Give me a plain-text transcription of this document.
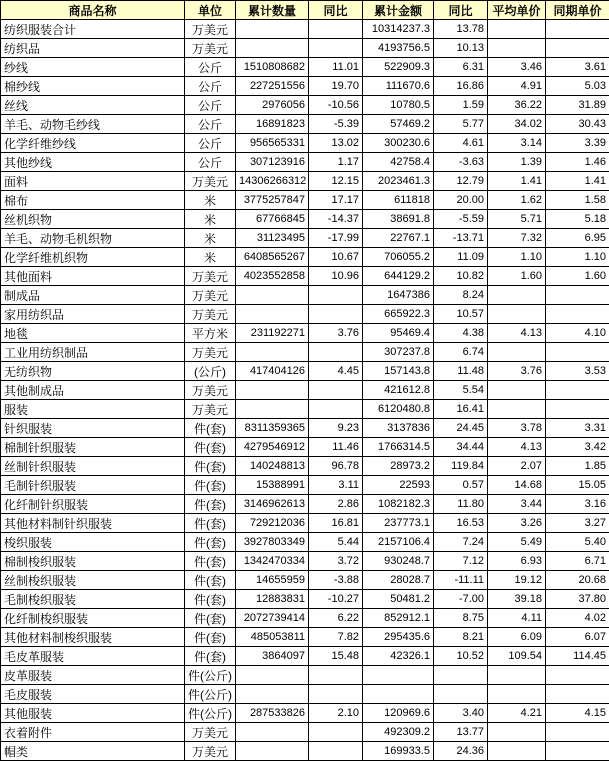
商品名称	单位	累计数量	同比	累计金额	同比	平均单价	同期单价
纺织服装合计	万美元			10314237.3	13.78		
纺织品	万美元			4193756.5	10.13		
纱线	公斤	1510808682	11.01	522909.3	6.31	3.46	3.61
棉纱线	公斤	227251556	19.70	111670.6	16.86	4.91	5.03
丝线	公斤	2976056	-10.56	10780.5	1.59	36.22	31.89
羊毛、动物毛纱线	公斤	16891823	-5.39	57469.2	5.77	34.02	30.43
化学纤维纱线	公斤	956565331	13.02	300230.6	4.61	3.14	3.39
其他纱线	公斤	307123916	1.17	42758.4	-3.63	1.39	1.46
面料	万美元	14306266312	12.15	2023461.3	12.79	1.41	1.41
棉布	米	3775257847	17.17	611818	20.00	1.62	1.58
丝机织物	米	67766845	-14.37	38691.8	-5.59	5.71	5.18
羊毛、动物毛机织物	米	31123495	-17.99	22767.1	-13.71	7.32	6.95
化学纤维机织物	米	6408565267	10.67	706055.2	11.09	1.10	1.10
其他面料	万美元	4023552858	10.96	644129.2	10.82	1.60	1.60
制成品	万美元			1647386	8.24		
家用纺织品	万美元			665922.3	10.57		
地毯	平方米	231192271	3.76	95469.4	4.38	4.13	4.10
工业用纺织制品	万美元			307237.8	6.74		
无纺织物	(公斤)	417404126	4.45	157143.8	11.48	3.76	3.53
其他制成品	万美元			421612.8	5.54		
服装	万美元			6120480.8	16.41		
针织服装	件(套)	8311359365	9.23	3137836	24.45	3.78	3.31
棉制针织服装	件(套)	4279546912	11.46	1766314.5	34.44	4.13	3.42
丝制针织服装	件(套)	140248813	96.78	28973.2	119.84	2.07	1.85
毛制针织服装	件(套)	15388991	3.11	22593	0.57	14.68	15.05
化纤制针织服装	件(套)	3146962613	2.86	1082182.3	11.80	3.44	3.16
其他材料制针织服装	件(套)	729212036	16.81	237773.1	16.53	3.26	3.27
梭织服装	件(套)	3927803349	5.44	2157106.4	7.24	5.49	5.40
棉制梭织服装	件(套)	1342470334	3.72	930248.7	7.12	6.93	6.71
丝制梭织服装	件(套)	14655959	-3.88	28028.7	-11.11	19.12	20.68
毛制梭织服装	件(套)	12883831	-10.27	50481.2	-7.00	39.18	37.80
化纤制梭织服装	件(套)	2072739414	6.22	852912.1	8.75	4.11	4.02
其他材料制梭织服装	件(套)	485053811	7.82	295435.6	8.21	6.09	6.07
毛皮革服装	件(套)	3864097	15.48	42326.1	10.52	109.54	114.45
皮革服装	件(公斤)						
毛皮服装	件(公斤)						
其他服装	件(公斤)	287533826	2.10	120969.6	3.40	4.21	4.15
衣着附件	万美元			492309.2	13.77		
帽类	万美元			169933.5	24.36		
